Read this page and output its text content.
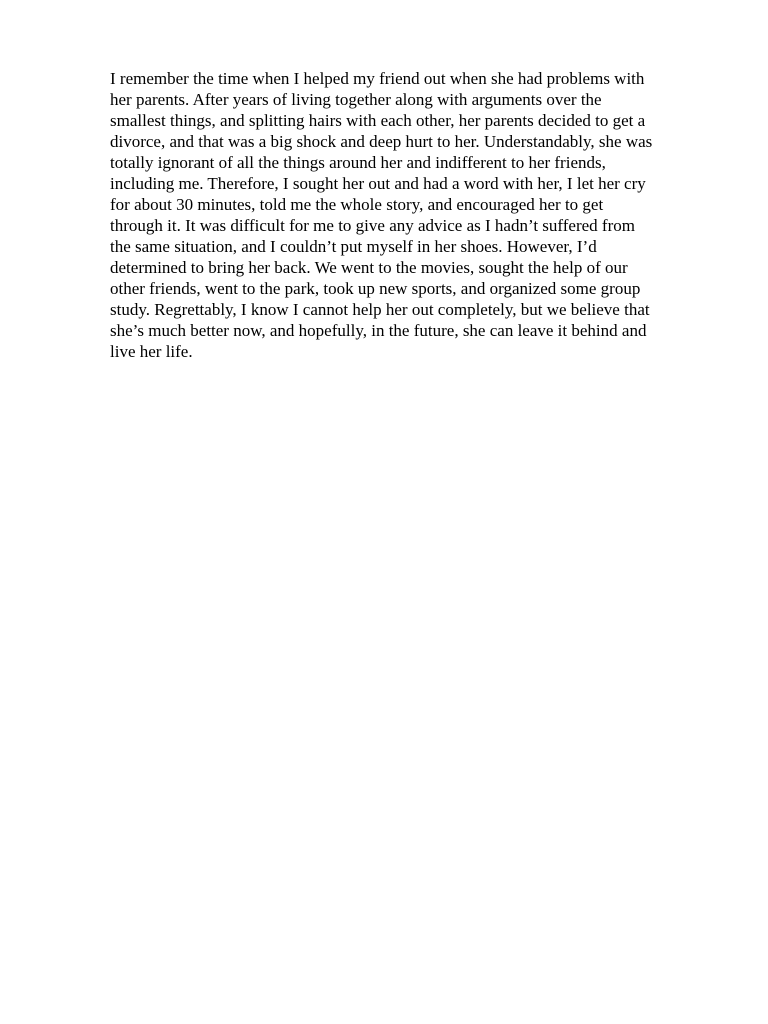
I remember the time when I helped my friend out when she had problems with
her parents. After years of living together along with arguments over the
smallest things, and splitting hairs with each other, her parents decided to get a
divorce, and that was a big shock and deep hurt to her. Understandably, she was
totally ignorant of all the things around her and indifferent to her friends,
including me. Therefore, I sought her out and had a word with her, I let her cry
for about 30 minutes, told me the whole story, and encouraged her to get
through it. It was difficult for me to give any advice as I hadn’t suffered from
the same situation, and I couldn’t put myself in her shoes. However, I’d
determined to bring her back. We went to the movies, sought the help of our
other friends, went to the park, took up new sports, and organized some group
study. Regrettably, I know I cannot help her out completely, but we believe that
she’s much better now, and hopefully, in the future, she can leave it behind and
live her life.
